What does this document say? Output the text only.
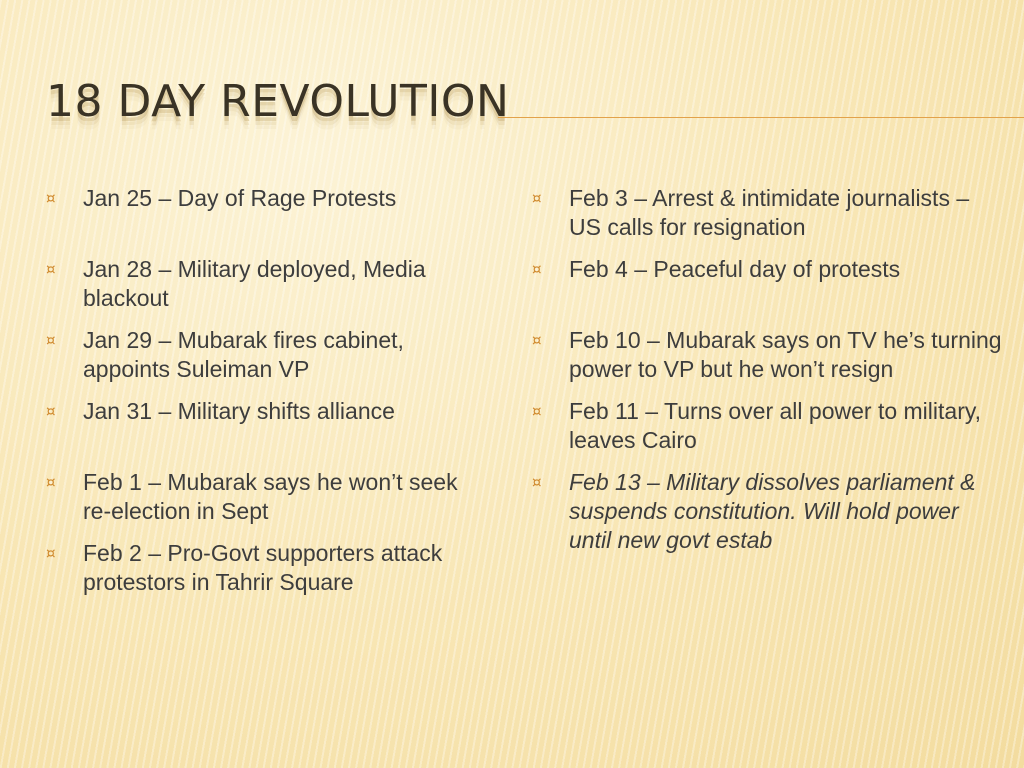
18 DAY REVOLUTION
¤ Jan 25 – Day of Rage Protests
¤ Jan 28 – Military deployed, Media blackout
¤ Jan 29 – Mubarak fires cabinet, appoints Suleiman VP
¤ Jan 31 – Military shifts alliance
¤ Feb 1 – Mubarak says he won’t seek re-election in Sept
¤ Feb 2 – Pro-Govt supporters attack protestors in Tahrir Square
¤ Feb 3 – Arrest & intimidate journalists – US calls for resignation
¤ Feb 4 – Peaceful day of protests
¤ Feb 10 – Mubarak says on TV he’s turning power to VP but he won’t resign
¤ Feb 11 – Turns over all power to military, leaves Cairo
¤ Feb 13 – Military dissolves parliament & suspends constitution. Will hold power until new govt estab
